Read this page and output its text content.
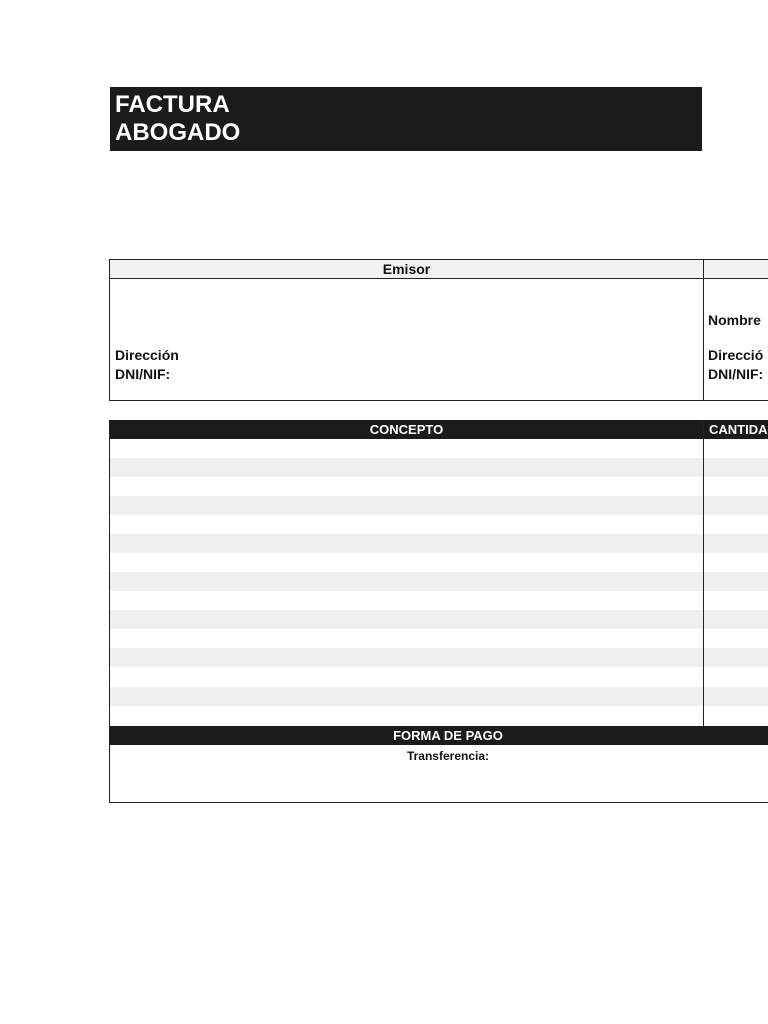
FACTURA
ABOGADO
Emisor
Dirección
DNI/NIF:
Nombre
Direcció
DNI/NIF:
CONCEPTO	CANTIDA
FORMA DE PAGO
Transferencia:
